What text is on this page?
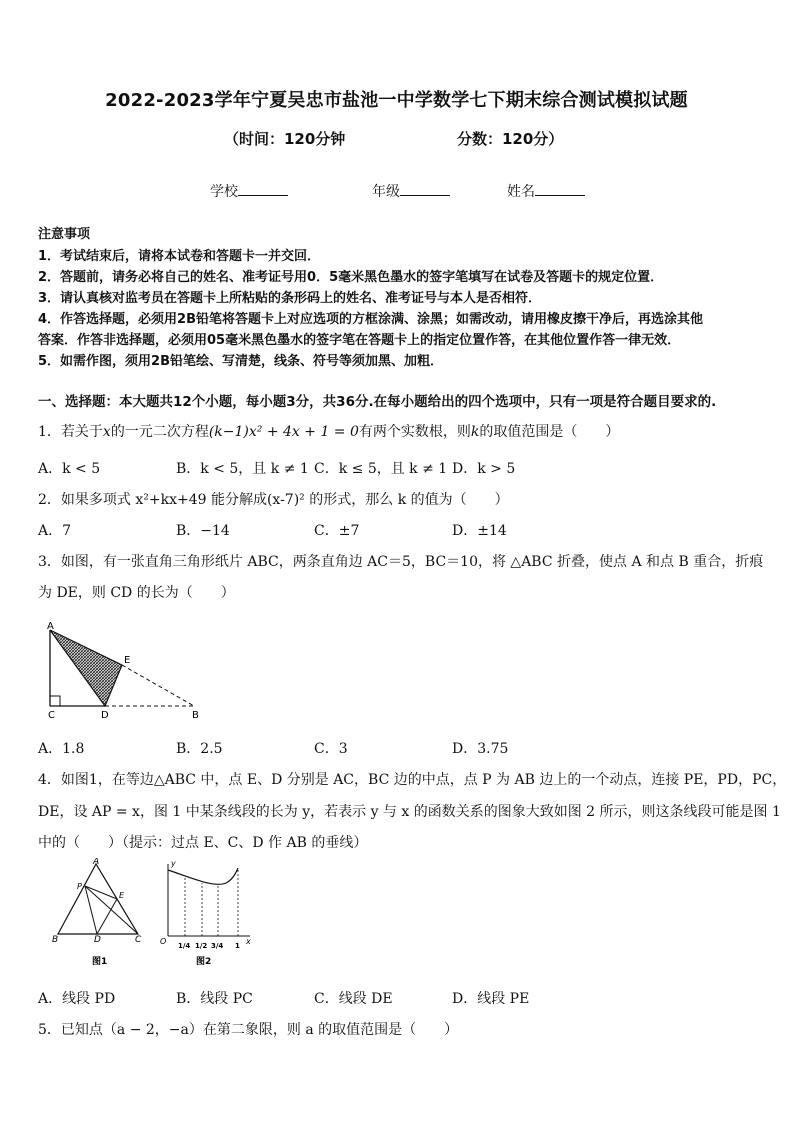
2022-2023学年宁夏吴忠市盐池一中学数学七下期末综合测试模拟试题
（时间：120分钟	分数：120分）
学校	年级	姓名
注意事项
1．考试结束后，请将本试卷和答题卡一并交回．
2．答题前，请务必将自己的姓名、准考证号用0．5毫米黑色墨水的签字笔填写在试卷及答题卡的规定位置．
3．请认真核对监考员在答题卡上所粘贴的条形码上的姓名、准考证号与本人是否相符．
4．作答选择题，必须用2B铅笔将答题卡上对应选项的方框涂满、涂黑；如需改动，请用橡皮擦干净后，再选涂其他
答案．作答非选择题，必须用05毫米黑色墨水的签字笔在答题卡上的指定位置作答，在其他位置作答一律无效．
5．如需作图，须用2B铅笔绘、写清楚，线条、符号等须加黑、加粗．
一、选择题：本大题共12个小题，每小题3分，共36分.在每小题给出的四个选项中，只有一项是符合题目要求的.
1．若关于x的一元二次方程(k−1)x² + 4x + 1 = 0有两个实数根，则k的取值范围是（　　）
A．k < 5	B．k < 5，且 k ≠ 1 C．k ≤ 5，且 k ≠ 1 D．k > 5
2．如果多项式 x²+kx+49 能分解成(x-7)² 的形式，那么 k 的值为（　　）
A．7	B．−14	C．±7	D．±14
3．如图，有一张直角三角形纸片 ABC，两条直角边 AC＝5，BC＝10，将 △ABC 折叠，使点 A 和点 B 重合，折痕
为 DE，则 CD 的长为（　　）
A
E
C	D	B
A．1.8	B．2.5	C．3	D．3.75
4．如图1，在等边△ABC 中，点 E、D 分别是 AC，BC 边的中点，点 P 为 AB 边上的一个动点，连接 PE，PD，PC，
DE，设 AP = x，图 1 中某条线段的长为 y，若表示 y 与 x 的函数关系的图象大致如图 2 所示，则这条线段可能是图 1
中的（　　）（提示：过点 E、C、D 作 AB 的垂线）
A
P
E
B	D	C
图1
y
x
O 1/4 1/2 3/4 1
图2
A．线段 PD	B．线段 PC	C．线段 DE	D．线段 PE
5．已知点（a − 2，−a）在第二象限，则 a 的取值范围是（　　）
